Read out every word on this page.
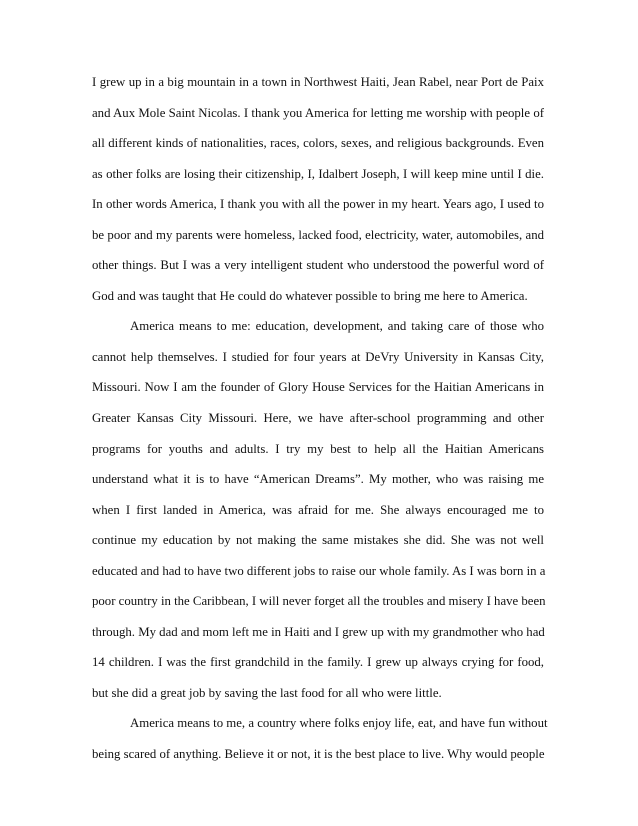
I grew up in a big mountain in a town in Northwest Haiti, Jean Rabel, near Port de Paix
and Aux Mole Saint Nicolas. I thank you America for letting me worship with people of
all different kinds of nationalities, races, colors, sexes, and religious backgrounds. Even
as other folks are losing their citizenship, I, Idalbert Joseph, I will keep mine until I die.
In other words America, I thank you with all the power in my heart. Years ago, I used to
be poor and my parents were homeless, lacked food, electricity, water, automobiles, and
other things. But I was a very intelligent student who understood the powerful word of
God and was taught that He could do whatever possible to bring me here to America.
America means to me: education, development, and taking care of those who
cannot help themselves. I studied for four years at DeVry University in Kansas City,
Missouri. Now I am the founder of Glory House Services for the Haitian Americans in
Greater Kansas City Missouri. Here, we have after-school programming and other
programs for youths and adults. I try my best to help all the Haitian Americans
understand what it is to have “American Dreams”. My mother, who was raising me
when I first landed in America, was afraid for me. She always encouraged me to
continue my education by not making the same mistakes she did. She was not well
educated and had to have two different jobs to raise our whole family. As I was born in a
poor country in the Caribbean, I will never forget all the troubles and misery I have been
through. My dad and mom left me in Haiti and I grew up with my grandmother who had
14 children. I was the first grandchild in the family. I grew up always crying for food,
but she did a great job by saving the last food for all who were little.
America means to me, a country where folks enjoy life, eat, and have fun without
being scared of anything. Believe it or not, it is the best place to live. Why would people
